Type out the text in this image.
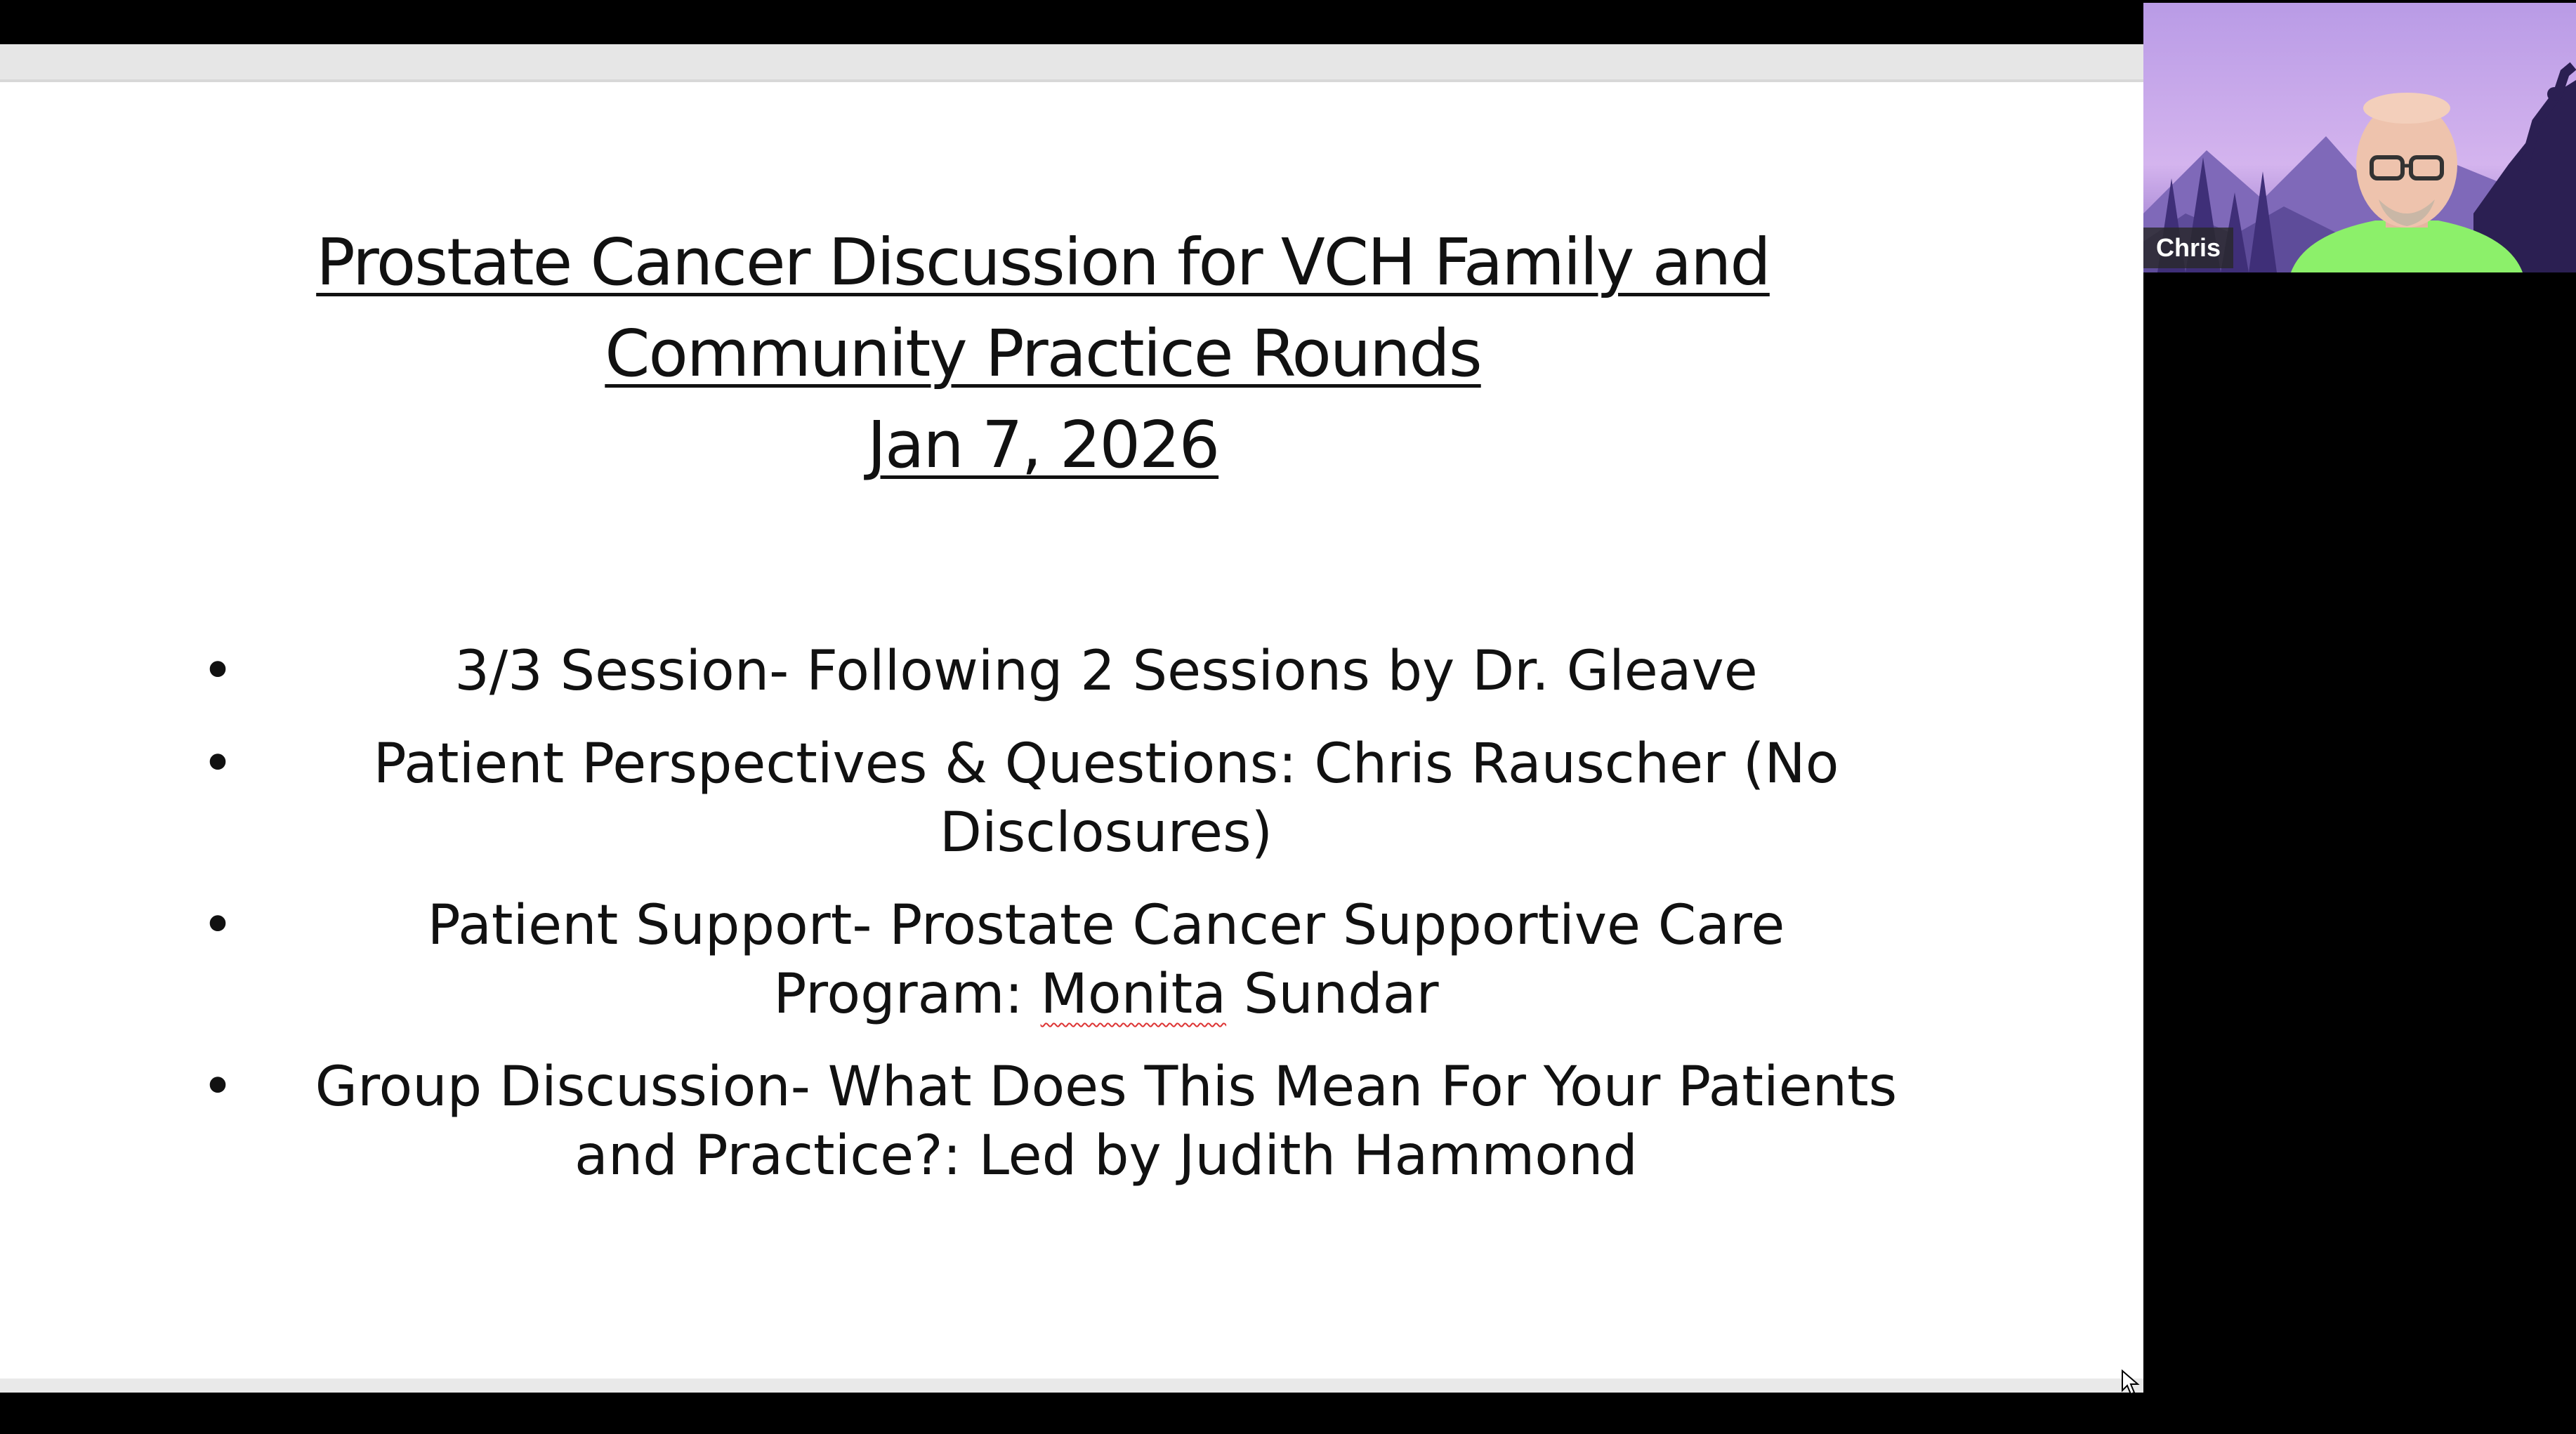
Prostate Cancer Discussion for VCH Family and
Community Practice Rounds
Jan 7, 2026
•	3/3 Session- Following 2 Sessions by Dr. Gleave
•	Patient Perspectives & Questions: Chris Rauscher (No
Disclosures)
•	Patient Support- Prostate Cancer Supportive Care
Program: Monita Sundar
•	Group Discussion- What Does This Mean For Your Patients
and Practice?: Led by Judith Hammond
Chris
